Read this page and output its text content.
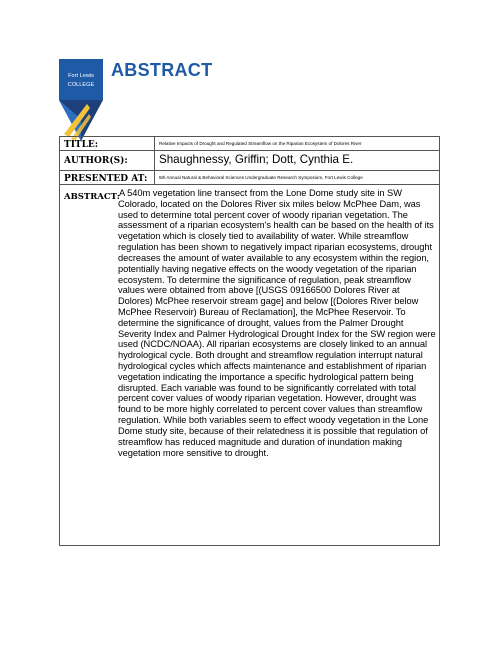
Fort Lewis
COLLEGE
ABSTRACT
TITLE:	Relative Impacts of Drought and Regulated Streamflow on the Riparian Ecosystem of Dolores River
AUTHOR(S):	Shaughnessy, Griffin; Dott, Cynthia E.
PRESENTED AT:	5th Annual Natural & Behavioral Sciences Undergraduate Research Symposium, Fort Lewis College
ABSTRACT: A 540m vegetation line transect from the Lone Dome study site in SW Colorado, located on the Dolores River six miles below McPhee Dam, was used to determine total percent cover of woody riparian vegetation. The assessment of a riparian ecosystem's health can be based on the health of its vegetation which is closely tied to availability of water. While streamflow regulation has been shown to negatively impact riparian ecosystems, drought decreases the amount of water available to any ecosystem within the region, potentially having negative effects on the woody vegetation of the riparian ecosystem. To determine the significance of regulation, peak streamflow values were obtained from above [(USGS 09166500 Dolores River at Dolores) McPhee reservoir stream gage] and below [(Dolores River below McPhee Reservoir) Bureau of Reclamation], the McPhee Reservoir. To determine the significance of drought, values from the Palmer Drought Severity Index and Palmer Hydrological Drought Index for the SW region were used (NCDC/NOAA). All riparian ecosystems are closely linked to an annual hydrological cycle. Both drought and streamflow regulation interrupt natural hydrological cycles which affects maintenance and establishment of riparian vegetation indicating the importance a specific hydrological pattern being disrupted. Each variable was found to be significantly correlated with total percent cover values of woody riparian vegetation. However, drought was found to be more highly correlated to percent cover values than streamflow regulation. While both variables seem to effect woody vegetation in the Lone Dome study site, because of their relatedness it is possible that regulation of streamflow has reduced magnitude and duration of inundation making vegetation more sensitive to drought.
